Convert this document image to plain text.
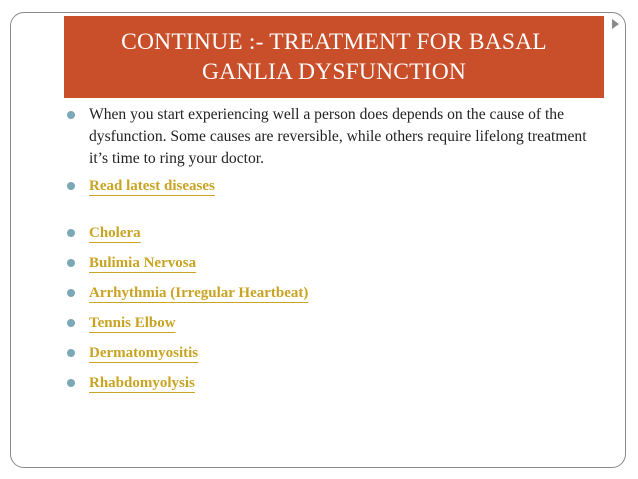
CONTINUE :- TREATMENT FOR BASAL
GANLIA DYSFUNCTION
When you start experiencing well a person does depends on the cause of the dysfunction. Some causes are reversible, while others require lifelong treatment it’s time to ring your doctor.
Read latest diseases
Cholera
Bulimia Nervosa
Arrhythmia (Irregular Heartbeat)
Tennis Elbow
Dermatomyositis
Rhabdomyolysis
